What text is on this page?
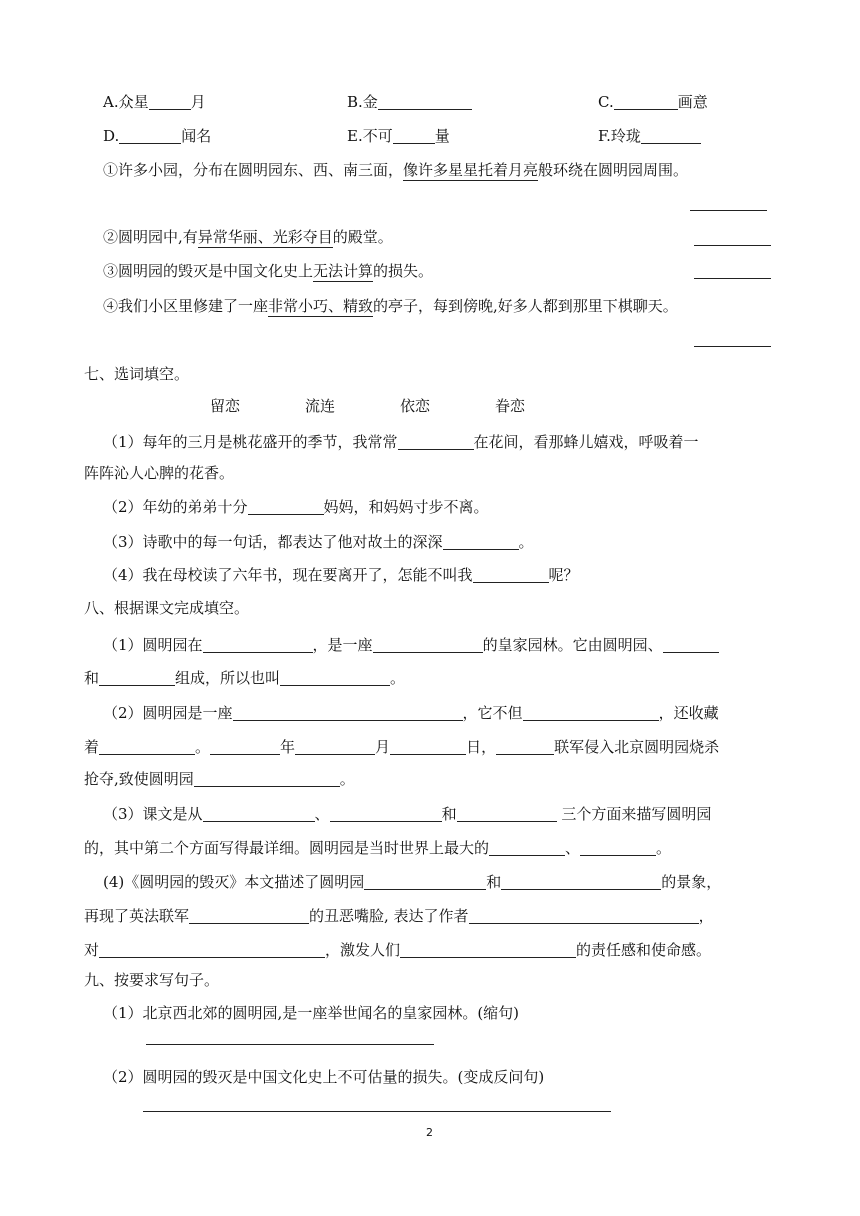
A.众星	月	B.金	C.	画意
D.	闻名	E.不可	量	F.玲珑
①许多小园，分布在圆明园东、西、南三面，像许多星星托着月亮般环绕在圆明园周围。
②圆明园中,有异常华丽、光彩夺目的殿堂。
③圆明园的毁灭是中国文化史上无法计算的损失。
④我们小区里修建了一座非常小巧、精致的亭子，每到傍晚,好多人都到那里下棋聊天。
七、选词填空。
留恋	流连	依恋	眷恋
（1）每年的三月是桃花盛开的季节，我常常	在花间，看那蜂儿嬉戏，呼吸着一
阵阵沁人心脾的花香。
（2）年幼的弟弟十分	妈妈，和妈妈寸步不离。
（3）诗歌中的每一句话，都表达了他对故土的深深	。
（4）我在母校读了六年书，现在要离开了，怎能不叫我	呢？
八、根据课文完成填空。
（1）圆明园在	，是一座	的皇家园林。它由圆明园、
和	组成，所以也叫	。
（2）圆明园是一座	，它不但	，还收藏
着	。	年	月	日，	联军侵入北京圆明园烧杀
抢夺,致使圆明园	。
（3）课文是从	、	和	三个方面来描写圆明园
的，其中第二个方面写得最详细。圆明园是当时世界上最大的	、	。
(4)《圆明园的毁灭》本文描述了圆明园	和	的景象，
再现了英法联军	的丑恶嘴脸, 表达了作者	，
对	，激发人们	的责任感和使命感。
九、按要求写句子。
（1）北京西北郊的圆明园,是一座举世闻名的皇家园林。(缩句)
（2）圆明园的毁灭是中国文化史上不可估量的损失。(变成反问句)
2
